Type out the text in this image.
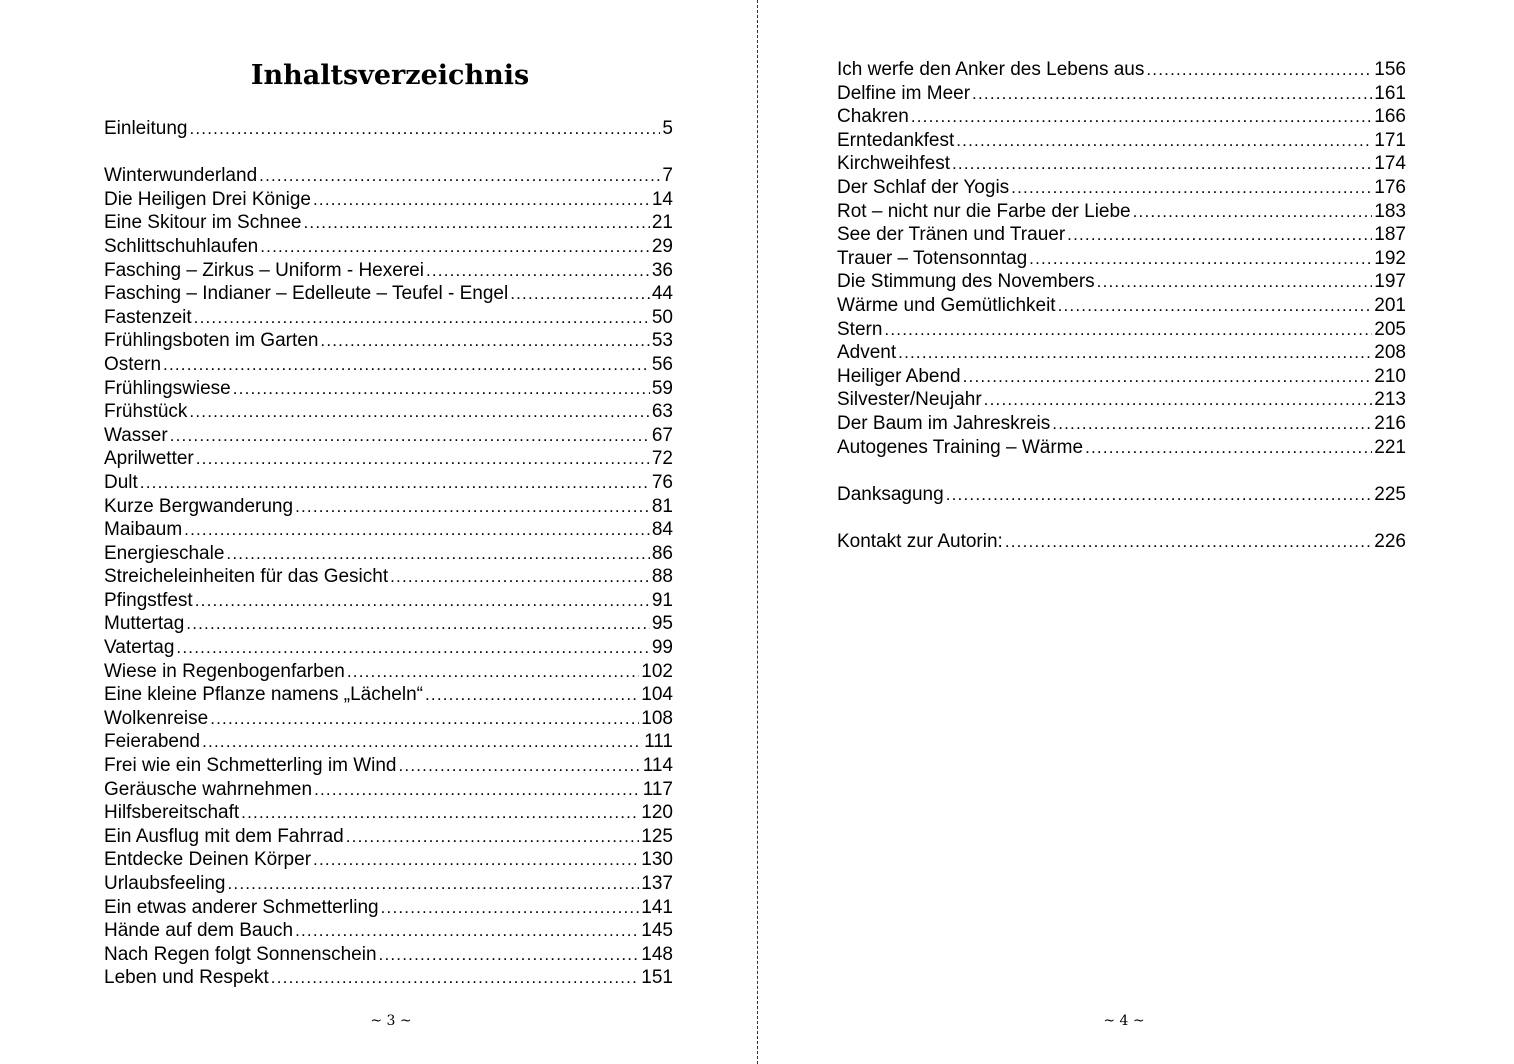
Inhaltsverzeichnis
Einleitung .....	5
Winterwunderland .....	7
Die Heiligen Drei Könige .....	14
Eine Skitour im Schnee .....	21
Schlittschuhlaufen .....	29
Fasching – Zirkus – Uniform - Hexerei .....	36
Fasching – Indianer – Edelleute – Teufel - Engel .....	44
Fastenzeit .....	50
Frühlingsboten im Garten .....	53
Ostern .....	56
Frühlingswiese .....	59
Frühstück .....	63
Wasser .....	67
Aprilwetter .....	72
Dult .....	76
Kurze Bergwanderung .....	81
Maibaum .....	84
Energieschale .....	86
Streicheleinheiten für das Gesicht .....	88
Pfingstfest .....	91
Muttertag .....	95
Vatertag .....	99
Wiese in Regenbogenfarben .....	102
Eine kleine Pflanze namens „Lächeln“ .....	104
Wolkenreise .....	108
Feierabend .....	111
Frei wie ein Schmetterling im Wind .....	114
Geräusche wahrnehmen .....	117
Hilfsbereitschaft .....	120
Ein Ausflug mit dem Fahrrad .....	125
Entdecke Deinen Körper .....	130
Urlaubsfeeling .....	137
Ein etwas anderer Schmetterling .....	141
Hände auf dem Bauch .....	145
Nach Regen folgt Sonnenschein .....	148
Leben und Respekt .....	151
~ 3 ~
Ich werfe den Anker des Lebens aus .....	156
Delfine im Meer .....	161
Chakren .....	166
Erntedankfest .....	171
Kirchweihfest .....	174
Der Schlaf der Yogis .....	176
Rot – nicht nur die Farbe der Liebe .....	183
See der Tränen und Trauer .....	187
Trauer – Totensonntag .....	192
Die Stimmung des Novembers .....	197
Wärme und Gemütlichkeit .....	201
Stern .....	205
Advent .....	208
Heiliger Abend .....	210
Silvester/Neujahr .....	213
Der Baum im Jahreskreis .....	216
Autogenes Training – Wärme .....	221
Danksagung .....	225
Kontakt zur Autorin: .....	226
~ 4 ~
